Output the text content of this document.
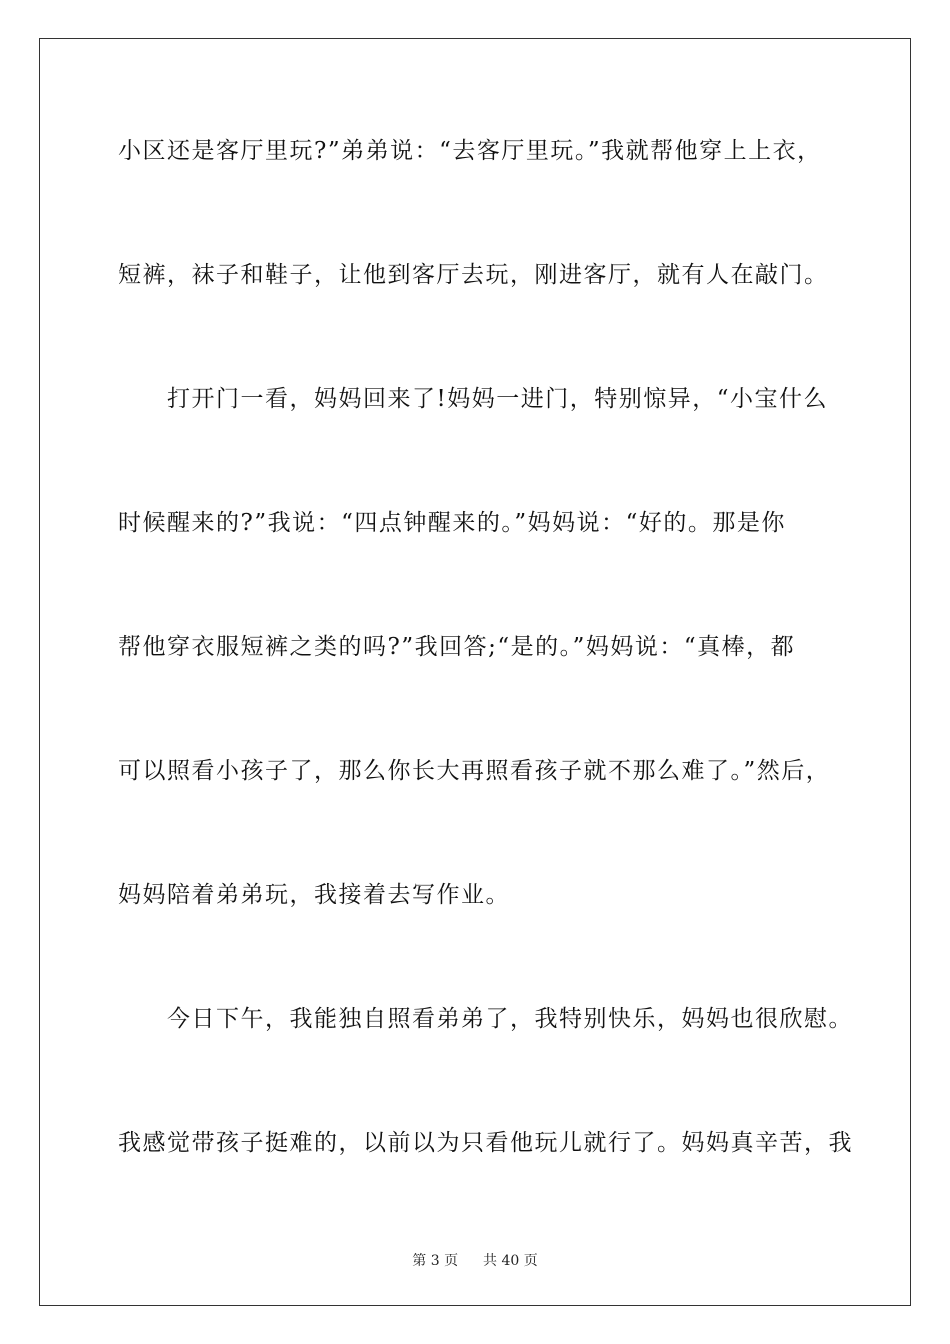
小区还是客厅里玩?”弟弟说：“去客厅里玩。”我就帮他穿上上衣，
短裤，袜子和鞋子，让他到客厅去玩，刚进客厅，就有人在敲门。
　　打开门一看，妈妈回来了!妈妈一进门，特别惊异，“小宝什么
时候醒来的?”我说：“四点钟醒来的。”妈妈说：“好的。那是你
帮他穿衣服短裤之类的吗?”我回答;“是的。”妈妈说：“真棒，都
可以照看小孩子了，那么你长大再照看孩子就不那么难了。”然后，
妈妈陪着弟弟玩，我接着去写作业。
　　今日下午，我能独自照看弟弟了，我特别快乐，妈妈也很欣慰。
我感觉带孩子挺难的，以前以为只看他玩儿就行了。妈妈真辛苦，我
第 3 页 共 40 页
